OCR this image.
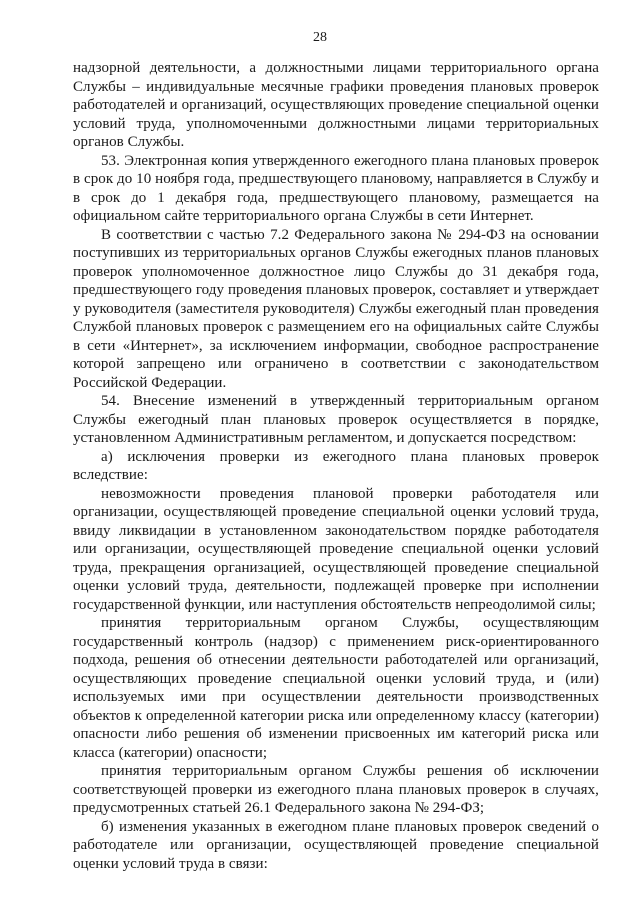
28

надзорной деятельности, а должностными лицами территориального органа Службы – индивидуальные месячные графики проведения плановых проверок работодателей и организаций, осуществляющих проведение специальной оценки условий труда, уполномоченными должностными лицами территориальных органов Службы.

53. Электронная копия утвержденного ежегодного плана плановых проверок в срок до 10 ноября года, предшествующего плановому, направляется в Службу и в срок до 1 декабря года, предшествующего плановому, размещается на официальном сайте территориального органа Службы в сети Интернет.

В соответствии с частью 7.2 Федерального закона № 294-ФЗ на основании поступивших из территориальных органов Службы ежегодных планов плановых проверок уполномоченное должностное лицо Службы до 31 декабря года, предшествующего году проведения плановых проверок, составляет и утверждает у руководителя (заместителя руководителя) Службы ежегодный план проведения Службой плановых проверок с размещением его на официальных сайте Службы в сети «Интернет», за исключением информации, свободное распространение которой запрещено или ограничено в соответствии с законодательством Российской Федерации.

54. Внесение изменений в утвержденный территориальным органом Службы ежегодный план плановых проверок осуществляется в порядке, установленном Административным регламентом, и допускается посредством:

а) исключения проверки из ежегодного плана плановых проверок вследствие:

невозможности проведения плановой проверки работодателя или организации, осуществляющей проведение специальной оценки условий труда, ввиду ликвидации в установленном законодательством порядке работодателя или организации, осуществляющей проведение специальной оценки условий труда, прекращения организацией, осуществляющей проведение специальной оценки условий труда, деятельности, подлежащей проверке при исполнении государственной функции, или наступления обстоятельств непреодолимой силы;

принятия территориальным органом Службы, осуществляющим государственный контроль (надзор) с применением риск-ориентированного подхода, решения об отнесении деятельности работодателей или организаций, осуществляющих проведение специальной оценки условий труда, и (или) используемых ими при осуществлении деятельности производственных объектов к определенной категории риска или определенному классу (категории) опасности либо решения об изменении присвоенных им категорий риска или класса (категории) опасности;

принятия территориальным органом Службы решения об исключении соответствующей проверки из ежегодного плана плановых проверок в случаях, предусмотренных статьей 26.1 Федерального закона № 294-ФЗ;

б) изменения указанных в ежегодном плане плановых проверок сведений о работодателе или организации, осуществляющей проведение специальной оценки условий труда в связи:
